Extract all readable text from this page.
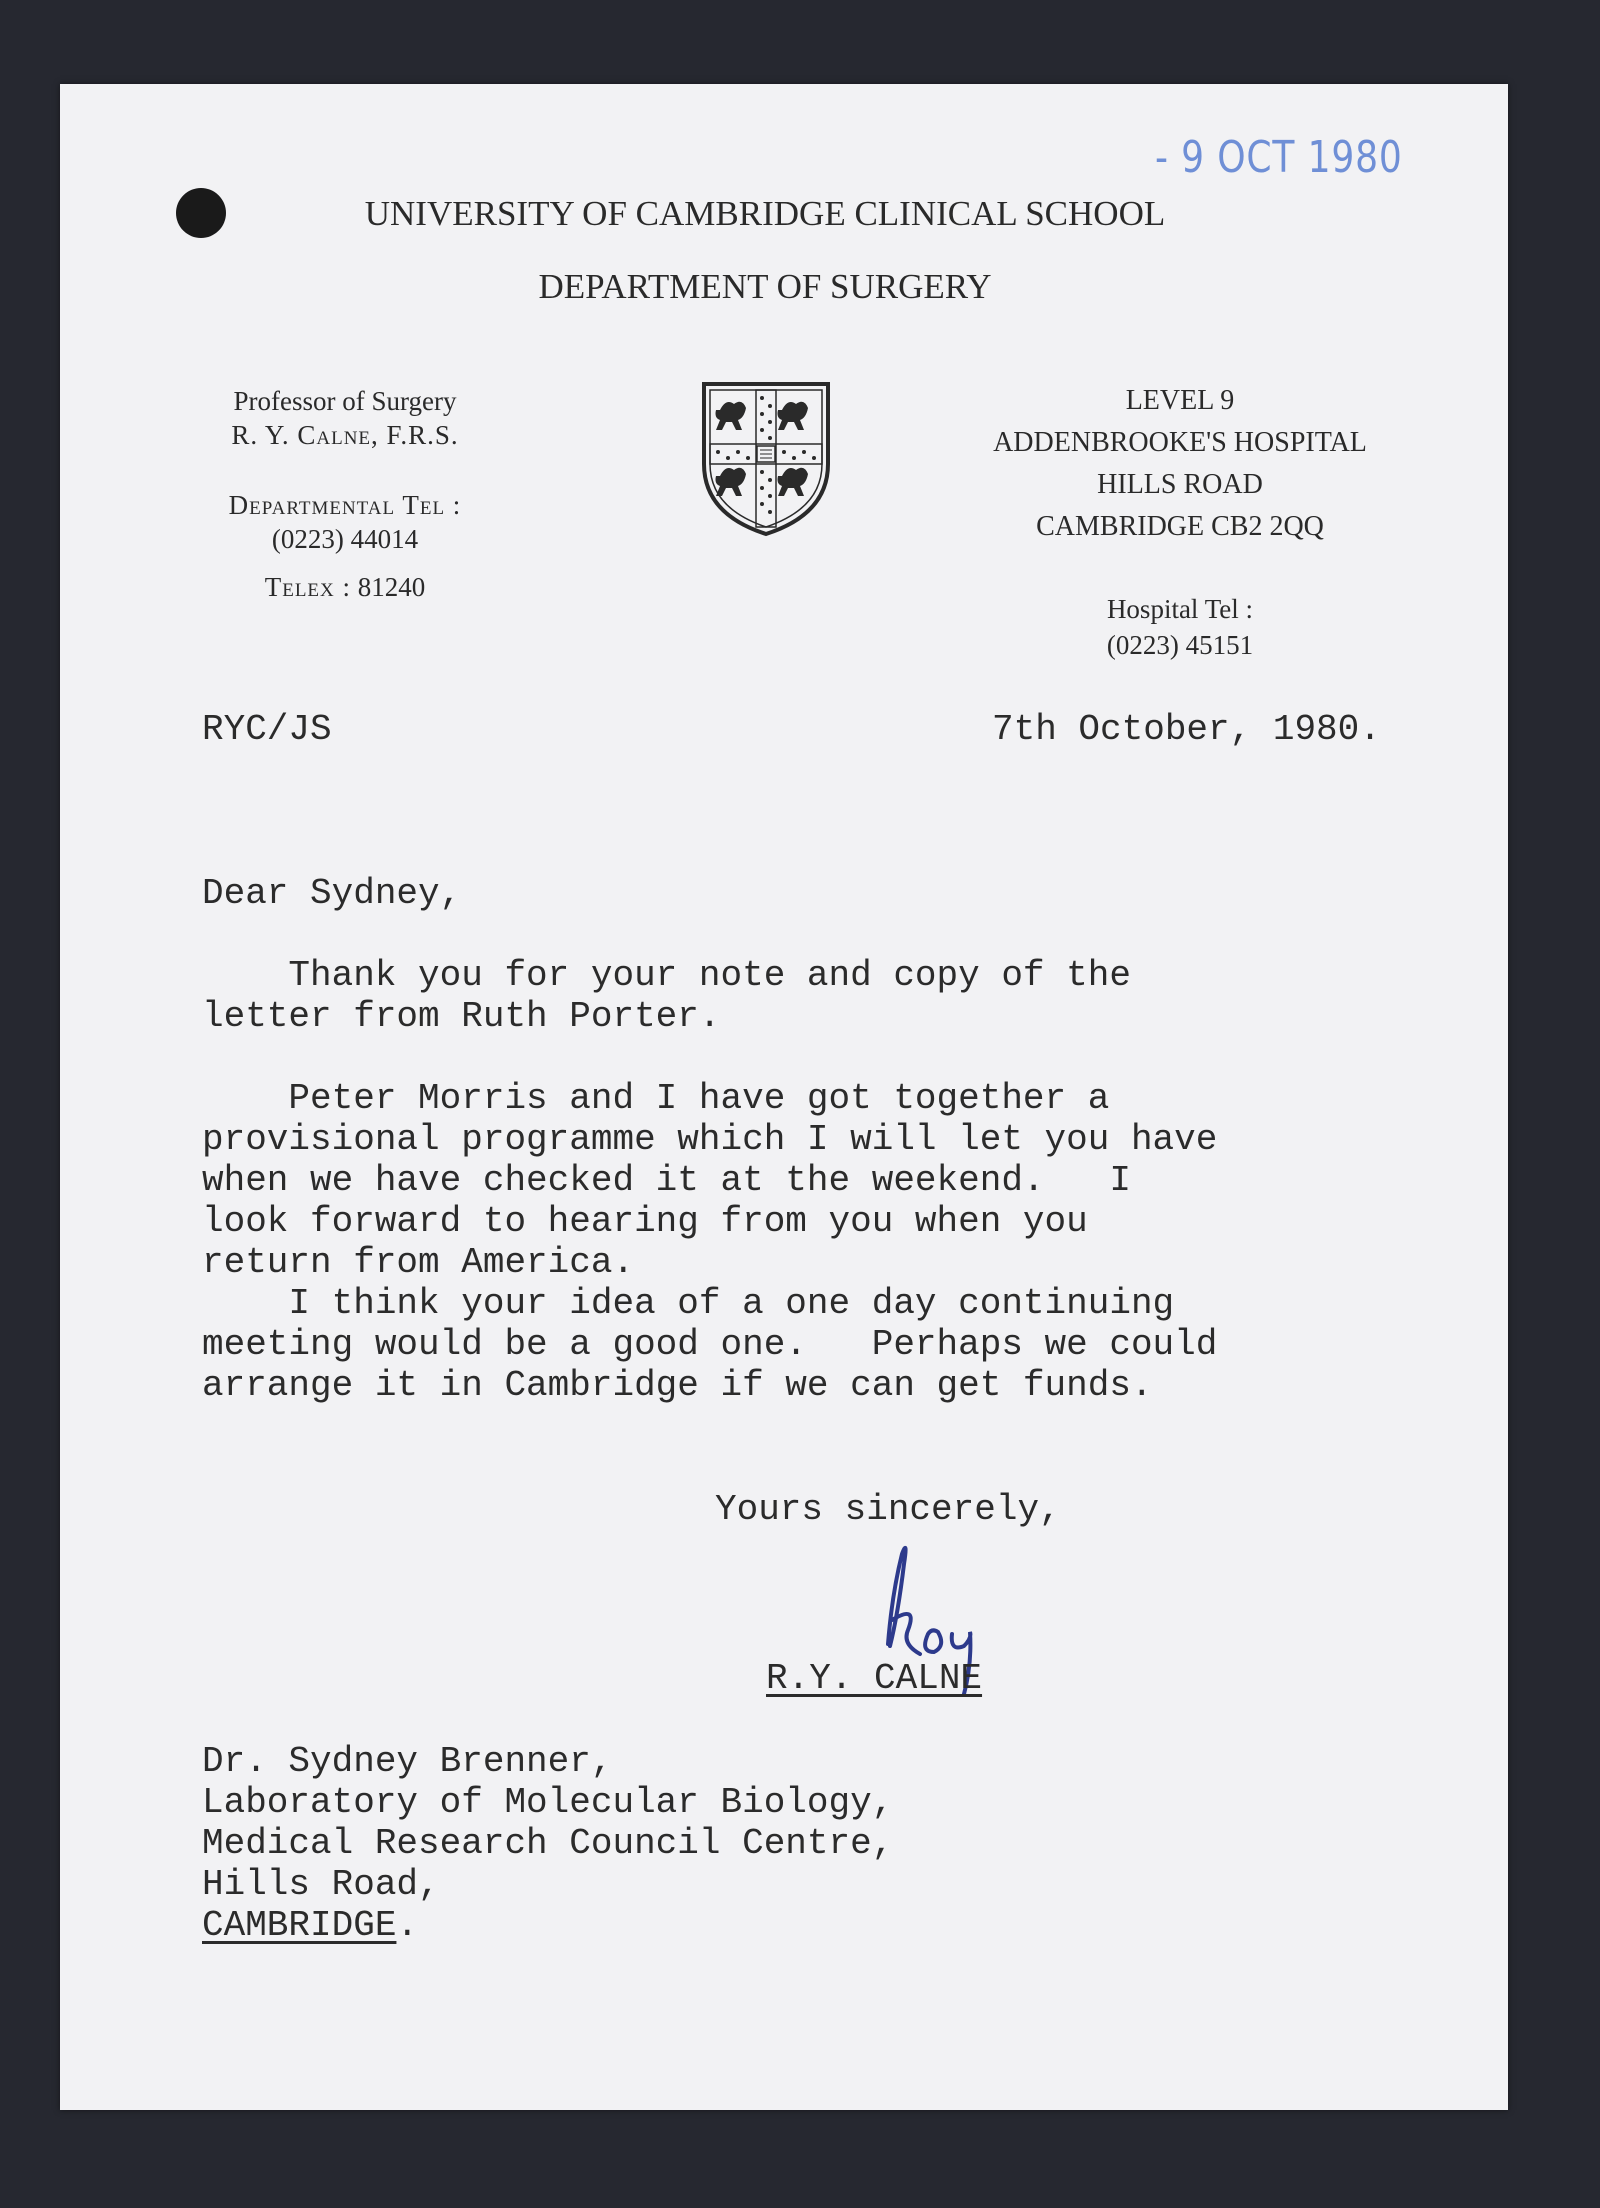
- 9 OCT 1980
UNIVERSITY OF CAMBRIDGE CLINICAL SCHOOL
DEPARTMENT OF SURGERY
Professor of Surgery
R. Y. Calne, F.R.S.
Departmental Tel :
(0223) 44014
Telex : 81240
LEVEL 9
ADDENBROOKE'S HOSPITAL
HILLS ROAD
CAMBRIDGE CB2 2QQ
Hospital Tel :
(0223) 45151
RYC/JS	7th October, 1980.
Dear Sydney,
Thank you for your note and copy of the
letter from Ruth Porter.
Peter Morris and I have got together a
provisional programme which I will let you have
when we have checked it at the weekend.   I
look forward to hearing from you when you
return from America.
I think your idea of a one day continuing
meeting would be a good one.   Perhaps we could
arrange it in Cambridge if we can get funds.
Yours sincerely,
R.Y. CALNE
Dr. Sydney Brenner,
Laboratory of Molecular Biology,
Medical Research Council Centre,
Hills Road,
CAMBRIDGE.
